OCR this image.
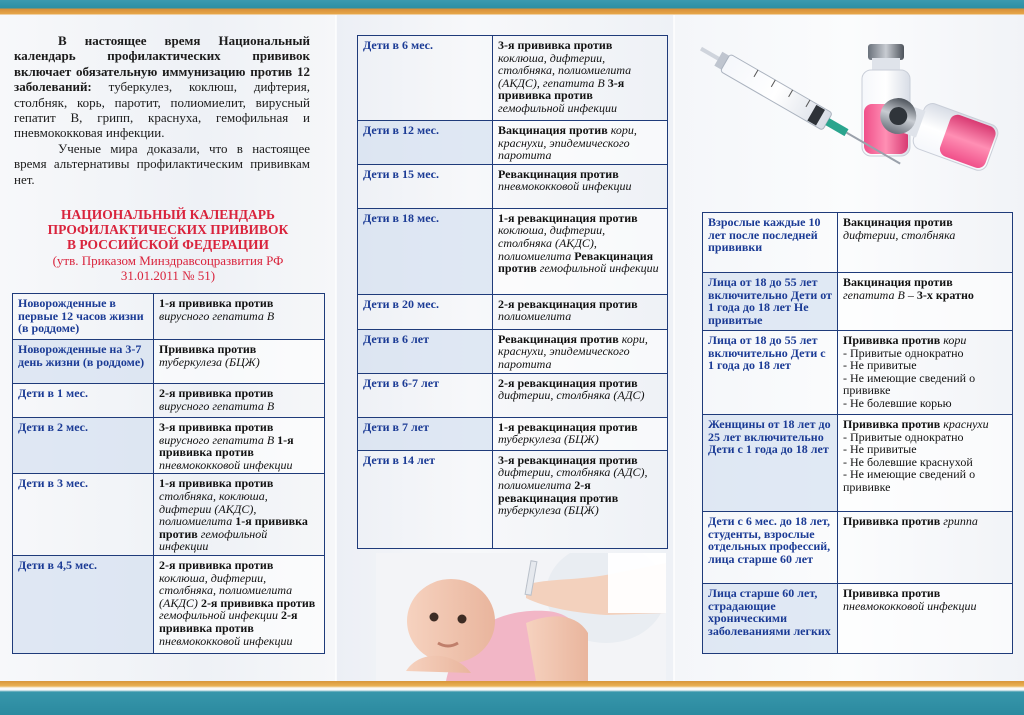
В настоящее время Национальный календарь профилактических прививок включает обязательную иммунизацию против 12 заболеваний: туберкулез, коклюш, дифтерия, столбняк, корь, паротит, полиомиелит, вирусный гепатит В, грипп, краснуха, гемофильная и пневмококковая инфекции.
Ученые мира доказали, что в настоящее время альтернативы профилактическим прививкам нет.

НАЦИОНАЛЬНЫЙ КАЛЕНДАРЬ
ПРОФИЛАКТИЧЕСКИХ ПРИВИВОК
В РОССИЙСКОЙ ФЕДЕРАЦИИ
(утв. Приказом Минздравсоцразвития РФ
31.01.2011 № 51)
Новорожденные в первые 12 часов жизни (в роддоме)	1-я прививка против вирусного гепатита В
Новорожденные на 3-7 день жизни (в роддоме)	Прививка против туберкулеза (БЦЖ)
Дети в 1 мес.	2-я прививка против вирусного гепатита В
Дети в 2 мес.	3-я прививка против вирусного гепатита В 1-я прививка против пневмококковой инфекции
Дети в 3 мес.	1-я прививка против столбняка, коклюша, дифтерии (АКДС), полиомиелита 1-я прививка против гемофильной инфекции
Дети в 4,5 мес.	2-я прививка против коклюша, дифтерии, столбняка, полиомиелита (АКДС) 2-я прививка против гемофильной инфекции 2-я прививка против пневмококковой инфекции
Дети в 6 мес.	3-я прививка против коклюша, дифтерии, столбняка, полиомиелита (АКДС), гепатита В 3-я прививка против гемофильной инфекции
Дети в 12 мес.	Вакцинация против кори, краснухи, эпидемического паротита
Дети в 15 мес.	Ревакцинация против пневмококковой инфекции
Дети в 18 мес.	1-я ревакцинация против коклюша, дифтерии, столбняка (АКДС), полиомиелита Ревакцинация против гемофильной инфекции
Дети в 20 мес.	2-я ревакцинация против полиомиелита
Дети в 6 лет	Ревакцинация против кори, краснухи, эпидемического паротита
Дети в 6-7 лет	2-я ревакцинация против дифтерии, столбняка (АДС)
Дети в 7 лет	1-я ревакцинация против туберкулеза (БЦЖ)
Дети в 14 лет	3-я ревакцинация против дифтерии, столбняка (АДС), полиомиелита 2-я ревакцинация против туберкулеза (БЦЖ)
Взрослые каждые 10 лет после последней прививки	Вакцинация против дифтерии, столбняка
Лица от 18 до 55 лет включительно Дети от 1 года до 18 лет Не привитые	Вакцинация против гепатита В – 3-х кратно
Лица от 18 до 55 лет включительно Дети с 1 года до 18 лет	Прививка против кори
- Привитые однократно
- Не привитые
- Не имеющие сведений о прививке
- Не болевшие корью
Женщины от 18 лет до 25 лет включительно Дети с 1 года до 18 лет	Прививка против краснухи
- Привитые однократно
- Не привитые
- Не болевшие краснухой
- Не имеющие сведений о прививке
Дети с 6 мес. до 18 лет, студенты, взрослые отдельных профессий, лица старше 60 лет	Прививка против гриппа
Лица старше 60 лет, страдающие хроническими заболеваниями легких	Прививка против пневмококковой инфекции
